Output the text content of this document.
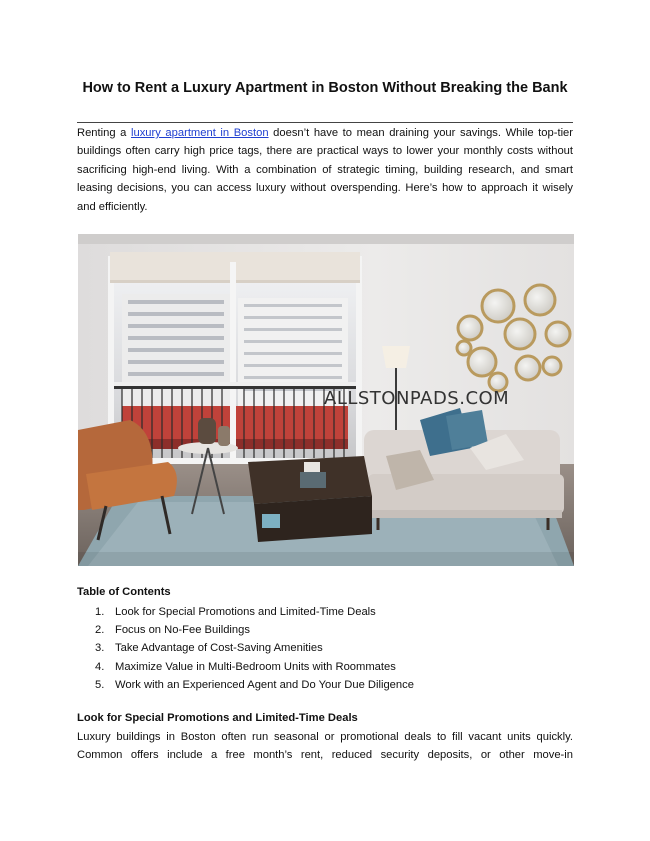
How to Rent a Luxury Apartment in Boston Without Breaking the Bank

Renting a luxury apartment in Boston doesn’t have to mean draining your savings. While top-tier buildings often carry high price tags, there are practical ways to lower your monthly costs without sacrificing high-end living. With a combination of strategic timing, building research, and smart leasing decisions, you can access luxury without overspending. Here’s how to approach it wisely and efficiently.

ALLSTONPADS.COM
Table of Contents
1. Look for Special Promotions and Limited-Time Deals
2. Focus on No-Fee Buildings
3. Take Advantage of Cost-Saving Amenities
4. Maximize Value in Multi-Bedroom Units with Roommates
5. Work with an Experienced Agent and Do Your Due Diligence
Look for Special Promotions and Limited-Time Deals

Luxury buildings in Boston often run seasonal or promotional deals to fill vacant units quickly. Common offers include a free month’s rent, reduced security deposits, or other move-in
